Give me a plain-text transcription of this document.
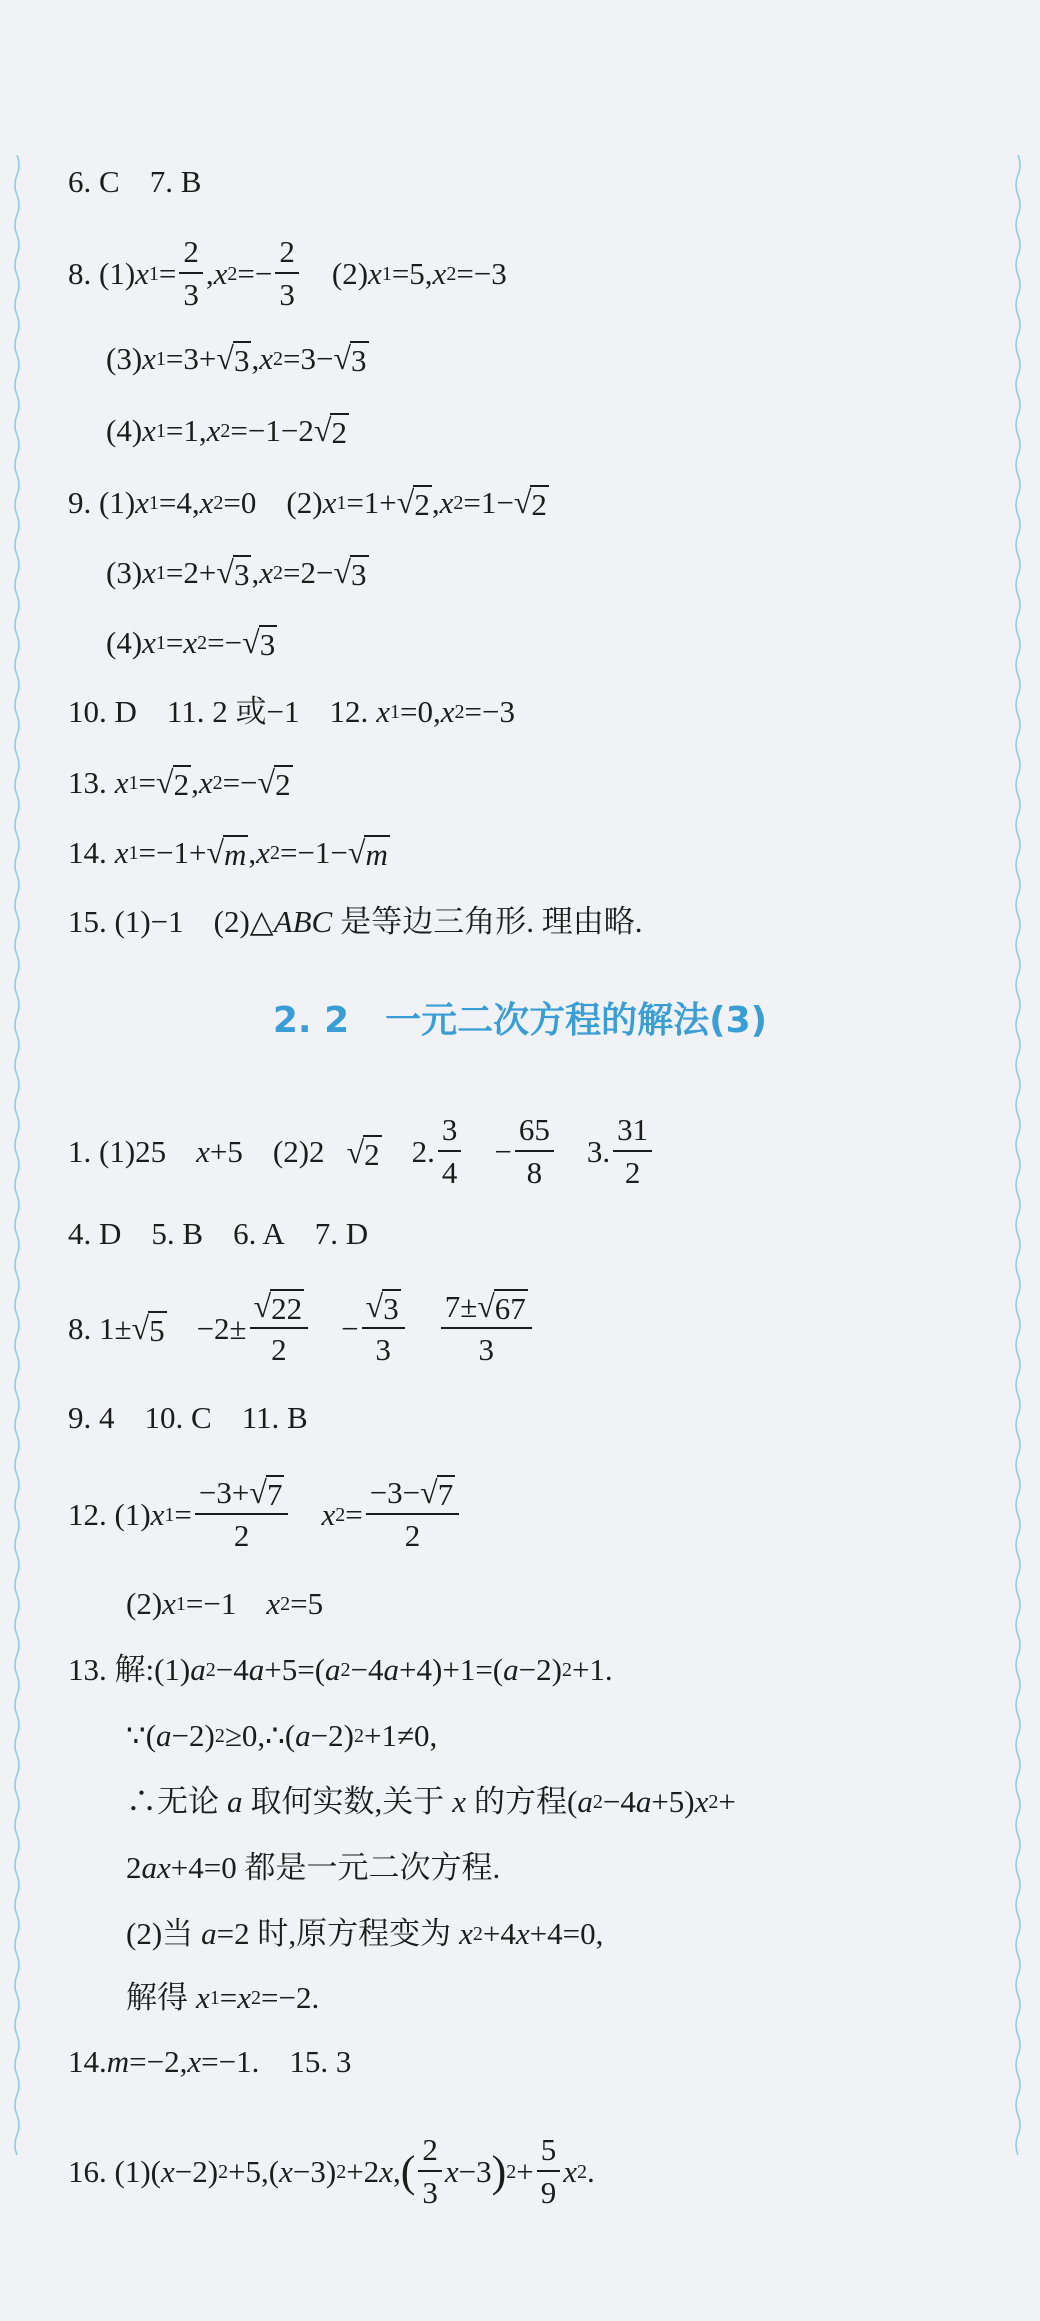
6. C 7. B
8. (1) x $1 = \frac{2}{3}$ , x $2 =- \frac{2}{3} (2)$ x 1 =5, x 2 =−3
(3) x 1 =3+ √ 3 , x 2 =3− √ 3
(4) x 1 =1, x 2 =−1−2 √ 2
9. (1) x 1 =4, x 2 =0 (2) x 1 =1+ √ 2 , x 2 =1− √ 2
(3) x 1 =2+ √ 3 , x 2 =2− √ 3
(4) x 1 = x 2 =− √ 3
10. D 11. 2 或−1 12. x 1 =0, x 2 =−3
13. x 1 = √ 2 , x 2 =− √ 2
14. x 1 =−1+ √ m , x 2 =−1− √ m
15. (1)−1 (2)△ ABC 是等边三角形. 理由略.
2. 2　一元二次方程的解法(3)
1. (1)25 x +5 (2)2 √ 2 2. $\frac{3}{4} - \frac{65}{8} 3$. $\frac{31}{2}$
4. D 5. B 6. A 7. D
8. 1± √ $5 -2\pm \frac{√ 22}{2} - \frac{√ 3}{3} \frac{7\pm √ 67}{3}$
9. 4 10. C 11. B
12. (1) x $1 = \frac{-3+ √ 7}{2}$ x $2 = \frac{-3- √ 7}{2}$
(2) x 1 =−1 x 2 =5
13. 解:(1) a 2 −4 a +5=( a 2 −4 a +4)+1=( a −2) 2 +1.
∵( a −2) 2 ≥0,∴( a −2) 2 +1≠0,
∴无论 a 取何实数,关于 x 的方程( a 2 −4 a +5) x 2 +
2 a x +4=0 都是一元二次方程.
(2)当 a =2 时,原方程变为 x 2 +4 x +4=0,
解得 x 1 = x 2 =−2.
14. m =−2, x =−1. 15. 3
16. (1)( x −2) 2 +5,( x −3) 2 +2 x , ( $\frac{2}{3}$ x −3 ) $2 + \frac{5}{9}$ x 2 .
